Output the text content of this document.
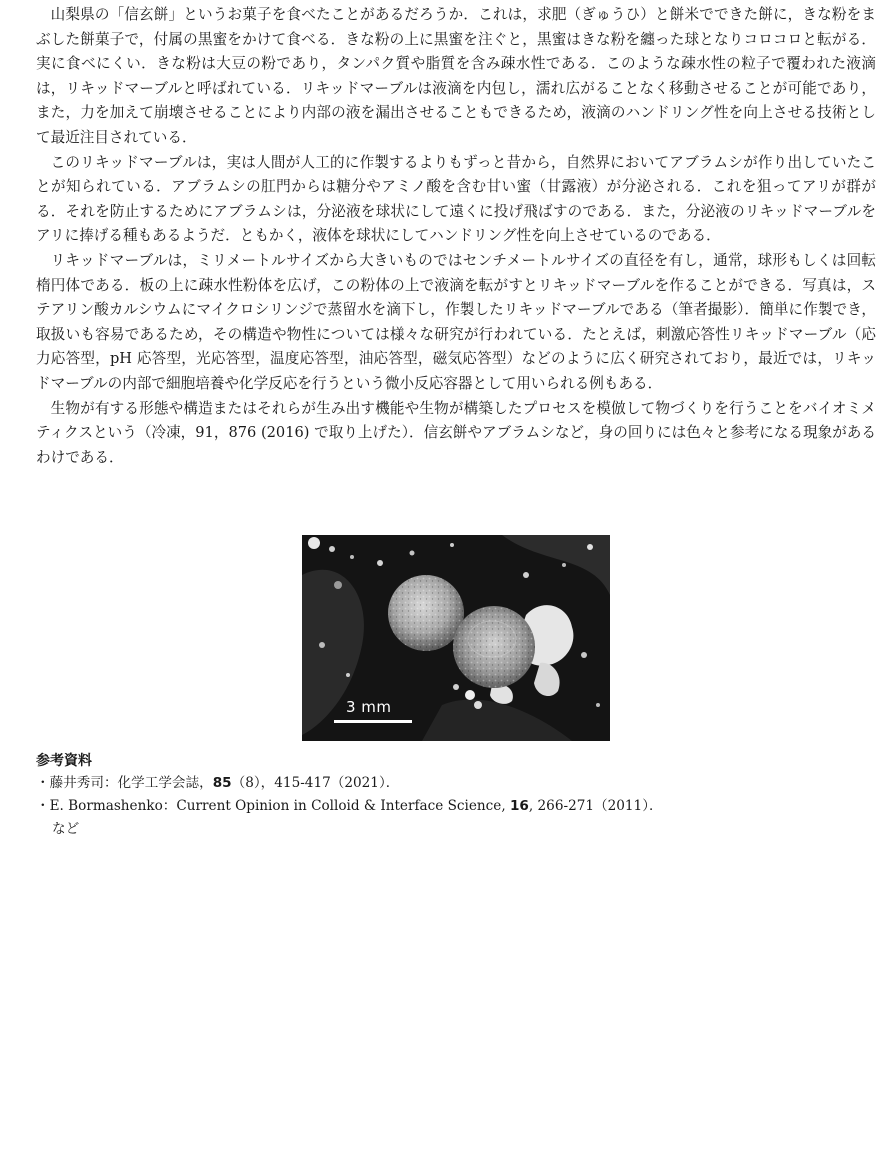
山梨県の「信玄餅」というお菓子を食べたことがあるだろうか．これは，求肥（ぎゅうひ）と餅米でできた餅に，きな粉をまぶした餅菓子で，付属の黒蜜をかけて食べる．きな粉の上に黒蜜を注ぐと，黒蜜はきな粉を纏った球となりコロコロと転がる．実に食べにくい．きな粉は大豆の粉であり，タンパク質や脂質を含み疎水性である．このような疎水性の粒子で覆われた液滴は，リキッドマーブルと呼ばれている．リキッドマーブルは液滴を内包し，濡れ広がることなく移動させることが可能であり，また，力を加えて崩壊させることにより内部の液を漏出させることもできるため，液滴のハンドリング性を向上させる技術として最近注目されている．

このリキッドマーブルは，実は人間が人工的に作製するよりもずっと昔から，自然界においてアブラムシが作り出していたことが知られている．アブラムシの肛門からは糖分やアミノ酸を含む甘い蜜（甘露液）が分泌される．これを狙ってアリが群がる．それを防止するためにアブラムシは，分泌液を球状にして遠くに投げ飛ばすのである．また，分泌液のリキッドマーブルをアリに捧げる種もあるようだ．ともかく，液体を球状にしてハンドリング性を向上させているのである．

リキッドマーブルは，ミリメートルサイズから大きいものではセンチメートルサイズの直径を有し，通常，球形もしくは回転楕円体である．板の上に疎水性粉体を広げ，この粉体の上で液滴を転がすとリキッドマーブルを作ることができる．写真は，ステアリン酸カルシウムにマイクロシリンジで蒸留水を滴下し，作製したリキッドマーブルである（筆者撮影）．簡単に作製でき，取扱いも容易であるため，その構造や物性については様々な研究が行われている．たとえば，刺激応答性リキッドマーブル（応力応答型，pH 応答型，光応答型，温度応答型，油応答型，磁気応答型）などのように広く研究されており，最近では，リキッドマーブルの内部で細胞培養や化学反応を行うという微小反応容器として用いられる例もある．

生物が有する形態や構造またはそれらが生み出す機能や生物が構築したプロセスを模倣して物づくりを行うことをバイオミメティクスという（冷凍，91，876 (2016) で取り上げた）．信玄餅やアブラムシなど，身の回りには色々と参考になる現象があるわけである．

3 mm

参考資料

・藤井秀司：化学工学会誌，85（8），415-417（2021）．

・E. Bormashenko：Current Opinion in Colloid & Interface Science, 16, 266-271（2011）．

など
